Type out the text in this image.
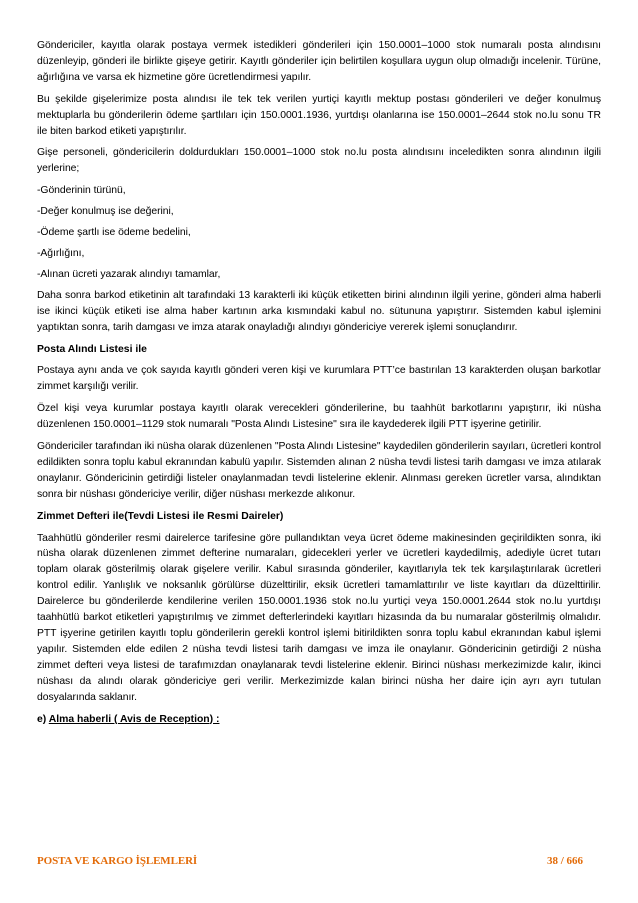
Göndericiler, kayıtla olarak postaya vermek istedikleri gönderileri için 150.0001–1000 stok numaralı posta alındısını düzenleyip, gönderi ile birlikte gişeye getirir. Kayıtlı gönderiler için belirtilen koşullara uygun olup olmadığı incelenir. Türüne, ağırlığına ve varsa ek hizmetine göre ücretlendirmesi yapılır.

Bu şekilde gişelerimize posta alındısı ile tek tek verilen yurtiçi kayıtlı mektup postası gönderileri ve değer konulmuş mektuplarla bu gönderilerin ödeme şartlıları için 150.0001.1936, yurtdışı olanlarına ise 150.0001–2644 stok no.lu sonu TR ile biten barkod etiketi yapıştırılır.

Gişe personeli, göndericilerin doldurdukları 150.0001–1000 stok no.lu posta alındısını inceledikten sonra alındının ilgili yerlerine;

-Gönderinin türünü,

-Değer konulmuş ise değerini,

-Ödeme şartlı ise ödeme bedelini,

-Ağırlığını,

-Alınan ücreti yazarak alındıyı tamamlar,

Daha sonra barkod etiketinin alt tarafındaki 13 karakterli iki küçük etiketten birini alındının ilgili yerine, gönderi alma haberli ise ikinci küçük etiketi ise alma haber kartının arka kısmındaki kabul no. sütununa yapıştırır. Sistemden kabul işlemini yaptıktan sonra, tarih damgası ve imza atarak onayladığı alındıyı göndericiye vererek işlemi sonuçlandırır.

Posta Alındı Listesi ile

Postaya aynı anda ve çok sayıda kayıtlı gönderi veren kişi ve kurumlara PTT’ce bastırılan 13 karakterden oluşan barkotlar zimmet karşılığı verilir.

Özel kişi veya kurumlar postaya kayıtlı olarak verecekleri gönderilerine, bu taahhüt barkotlarını yapıştırır, iki nüsha düzenlenen 150.0001–1129 stok numaralı "Posta Alındı Listesine" sıra ile kaydederek ilgili PTT işyerine getirilir.

Göndericiler tarafından iki nüsha olarak düzenlenen "Posta Alındı Listesine" kaydedilen gönderilerin sayıları, ücretleri kontrol edildikten sonra toplu kabul ekranından kabulü yapılır. Sistemden alınan 2 nüsha tevdi listesi tarih damgası ve imza atılarak onaylanır. Göndericinin getirdiği listeler onaylanmadan tevdi listelerine eklenir. Alınması gereken ücretler varsa, alındıktan sonra bir nüshası göndericiye verilir, diğer nüshası merkezde alıkonur.

Zimmet Defteri ile(Tevdi Listesi ile Resmi Daireler)

Taahhütlü gönderiler resmi dairelerce tarifesine göre pullandıktan veya ücret ödeme makinesinden geçirildikten sonra, iki nüsha olarak düzenlenen zimmet defterine numaraları, gidecekleri yerler ve ücretleri kaydedilmiş, adediyle ücret tutarı toplam olarak gösterilmiş olarak gişelere verilir. Kabul sırasında gönderiler, kayıtlarıyla tek tek karşılaştırılarak ücretleri kontrol edilir. Yanlışlık ve noksanlık görülürse düzelttirilir, eksik ücretleri tamamlattırılır ve liste kayıtları da düzelttirilir. Dairelerce bu gönderilerde kendilerine verilen 150.0001.1936 stok no.lu yurtiçi veya 150.0001.2644 stok no.lu yurtdışı taahhütlü barkot etiketleri yapıştırılmış ve zimmet defterlerindeki kayıtları hizasında da bu numaralar gösterilmiş olmalıdır. PTT işyerine getirilen kayıtlı toplu gönderilerin gerekli kontrol işlemi bitirildikten sonra toplu kabul ekranından kabul işlemi yapılır. Sistemden elde edilen 2 nüsha tevdi listesi tarih damgası ve imza ile onaylanır. Göndericinin getirdiği 2 nüsha zimmet defteri veya listesi de tarafımızdan onaylanarak tevdi listelerine eklenir. Birinci nüshası merkezimizde kalır, ikinci nüshası da alındı olarak göndericiye geri verilir. Merkezimizde kalan birinci nüsha her daire için ayrı ayrı tutulan dosyalarında saklanır.

e) Alma haberli ( Avis de Reception) :

POSTA VE KARGO İŞLEMLERİ	38 / 666
